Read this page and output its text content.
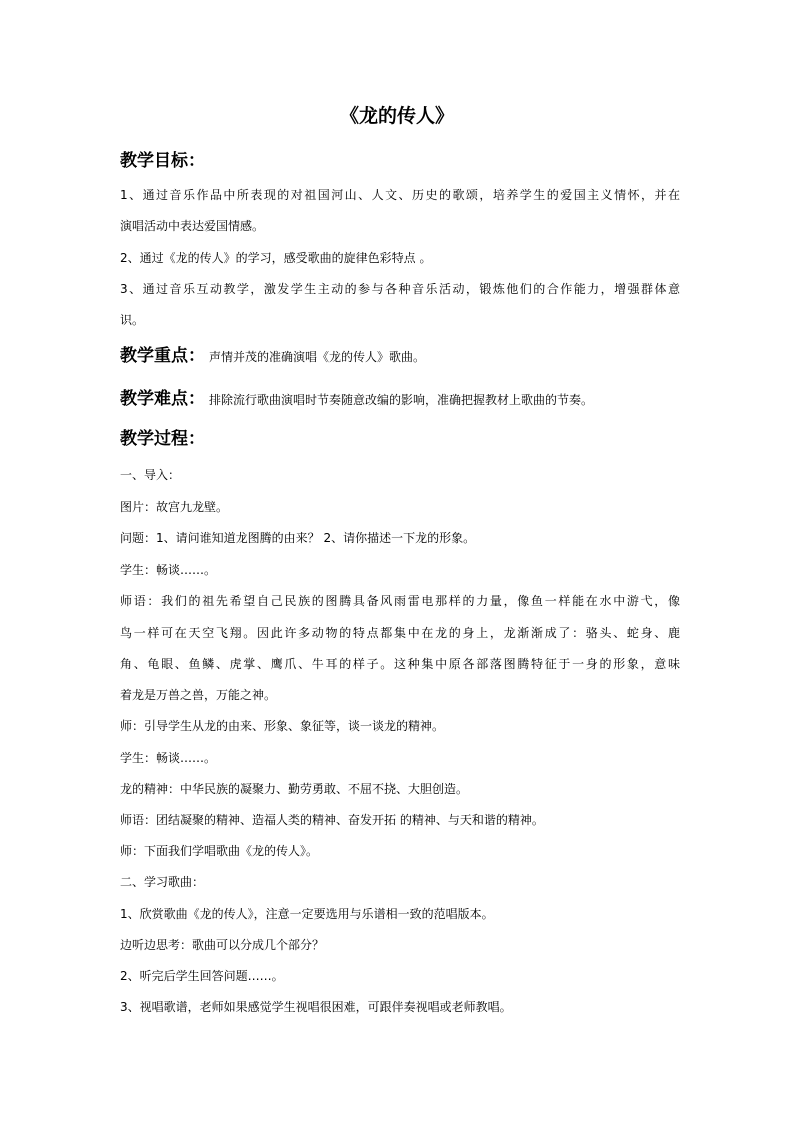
《龙的传人》
教学目标：
1、通过音乐作品中所表现的对祖国河山、人文、历史的歌颂，培养学生的爱国主义情怀，并在
演唱活动中表达爱国情感。
2、通过《龙的传人》的学习，感受歌曲的旋律色彩特点 。
3、通过音乐互动教学，激发学生主动的参与各种音乐活动，锻炼他们的合作能力，增强群体意
识。
教学重点： 声情并茂的准确演唱《龙的传人》歌曲。
教学难点： 排除流行歌曲演唱时节奏随意改编的影响，准确把握教材上歌曲的节奏。
教学过程：
一、导入：
图片：故宫九龙壁。
问题：1、请问谁知道龙图腾的由来？ 2、请你描述一下龙的形象。
学生：畅谈……。
师语：我们的祖先希望自己民族的图腾具备风雨雷电那样的力量，像鱼一样能在水中游弋，像
鸟一样可在天空飞翔。因此许多动物的特点都集中在龙的身上，龙渐渐成了：骆头、蛇身、鹿
角、龟眼、鱼鳞、虎掌、鹰爪、牛耳的样子。这种集中原各部落图腾特征于一身的形象，意味
着龙是万兽之兽，万能之神。
师：引导学生从龙的由来、形象、象征等，谈一谈龙的精神。
学生：畅谈……。
龙的精神：中华民族的凝聚力、勤劳勇敢、不屈不挠、大胆创造。
师语：团结凝聚的精神、造福人类的精神、奋发开拓 的精神、与天和谐的精神。
师：下面我们学唱歌曲《龙的传人》。
二、学习歌曲：
1、欣赏歌曲《龙的传人》，注意一定要选用与乐谱相一致的范唱版本。
边听边思考：歌曲可以分成几个部分？
2、听完后学生回答问题……。
3、视唱歌谱，老师如果感觉学生视唱很困难，可跟伴奏视唱或老师教唱。
